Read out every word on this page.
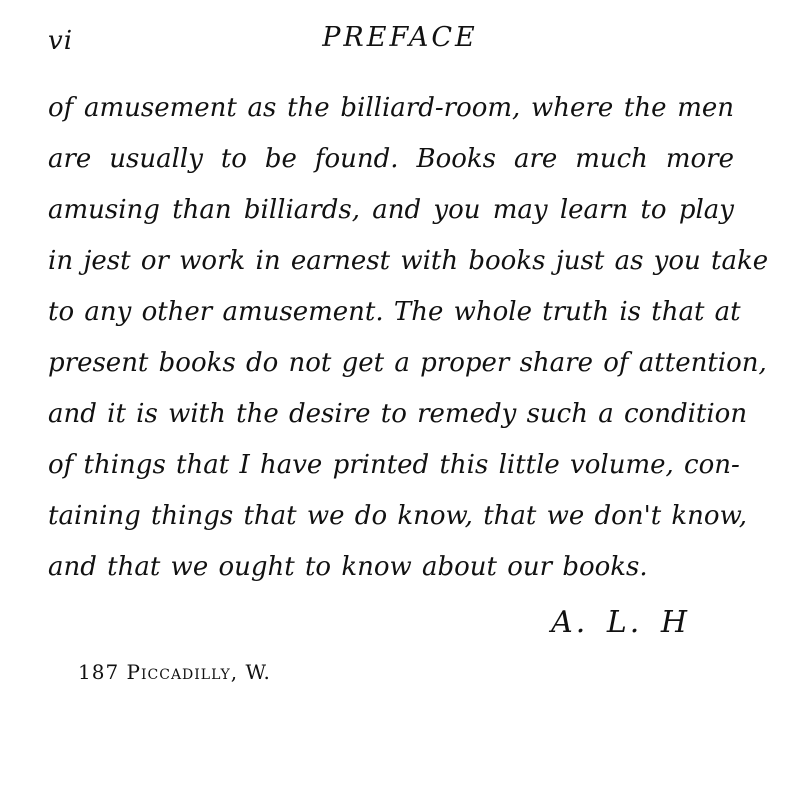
vi	PREFACE
of amusement as the billiard-room, where the men
are usually to be found. Books are much more
amusing than billiards, and you may learn to play
in jest or work in earnest with books just as you take
to any other amusement. The whole truth is that at
present books do not get a proper share of attention,
and it is with the desire to remedy such a condition
of things that I have printed this little volume, con-
taining things that we do know, that we don't know,
and that we ought to know about our books.
A. L. H
187 Piccadilly, W.
